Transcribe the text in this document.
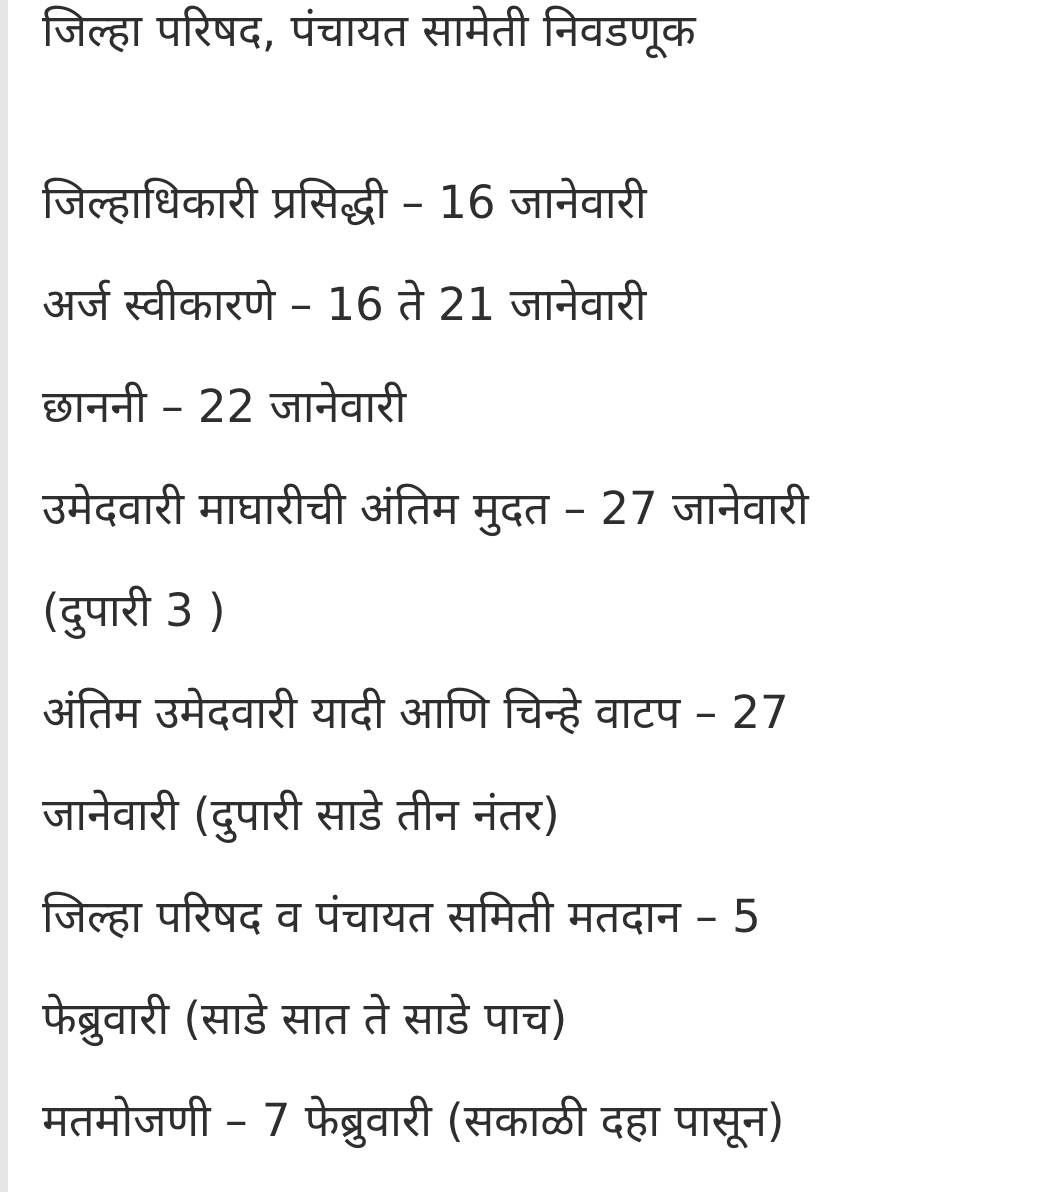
जिल्हा परिषद, पंचायत सामेती निवडणूक

जिल्हाधिकारी प्रसिद्धी – 16 जानेवारी

अर्ज स्वीकारणे – 16 ते 21 जानेवारी

छाननी – 22 जानेवारी

उमेदवारी माघारीची अंतिम मुदत – 27 जानेवारी

(दुपारी 3 )

अंतिम उमेदवारी यादी आणि चिन्हे वाटप – 27

जानेवारी (दुपारी साडे तीन नंतर)

जिल्हा परिषद व पंचायत समिती मतदान – 5

फेब्रुवारी (साडे सात ते साडे पाच)

मतमोजणी – 7 फेब्रुवारी (सकाळी दहा पासून)
